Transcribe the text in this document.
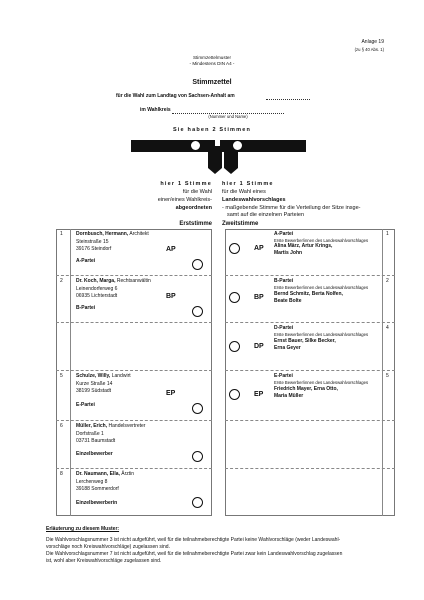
Anlage 19
(zu § 40 Abs. 1)
Stimmzettelmuster
- Mindestens DIN A4 -
Stimmzettel
für die Wahl zum Landtag von Sachsen-Anhalt am
im Wahlkreis
(Nummer und Name)
Sie haben 2 Stimmen
hier 1 Stimme
für die Wahl
einer/eines Wahlkreis-
abgeordneten
hier 1 Stimme
für die Wahl eines
Landeswahlvorschlages
- maßgebende Stimme für die Verteilung der Sitze insge-
samt auf die einzelnen Parteien
Erststimme Zweitstimme
1	Dornbusch, Hermann, Architekt
Steinstraße 15
39176 Steindorf
A-Partei
AP
2	Dr. Koch, Marga, Rechtsanwältin
Leinendorferweg 6
06935 Lichterstadt
B-Partei
BP
5	Schulze, Willy, Landwirt
Kurze Straße 14
38199 Südstadt
E-Partei
EP
6	Müller, Erich, Handelsvertreter
Dorfstraße 1
03731 Baumstadt
Einzelbewerber
8	Dr. Naumann, Ella, Ärztin
Lerchenweg 8
39188 Sommerdorf
Einzelbewerberin
AP
A-Partei
Erste Bewerber/innen des Landeswahlvorschlages
Alina März, Artur Krings,
Martis John
1
BP
B-Partei
Erste Bewerber/innen des Landeswahlvorschlages
Bernd Schmitz, Berta Nolfen,
Beate Bolte
2
DP
D-Partei
Erste Bewerber/innen des Landeswahlvorschlages
Ernst Bauer, Silke Becker,
Erna Geyer
4
EP
E-Partei
Erste Bewerber/innen des Landeswahlvorschlages
Friedrich Mayer, Erna Otto,
Maria Müller
5
Erläuterung zu diesem Muster:
Die Wahlvorschlagsnummer 3 ist nicht aufgeführt, weil für die teilnahmeberechtigte Partei keine Wahlvorschläge (weder Landeswahl-
vorschläge noch Kreiswahlvorschläge) zugelassen sind.
Die Wahlvorschlagsnummer 7 ist nicht aufgeführt, weil für die teilnahmeberechtigte Partei zwar kein Landeswahlvorschlag zugelassen
ist, wohl aber Kreiswahlvorschläge zugelassen sind.
